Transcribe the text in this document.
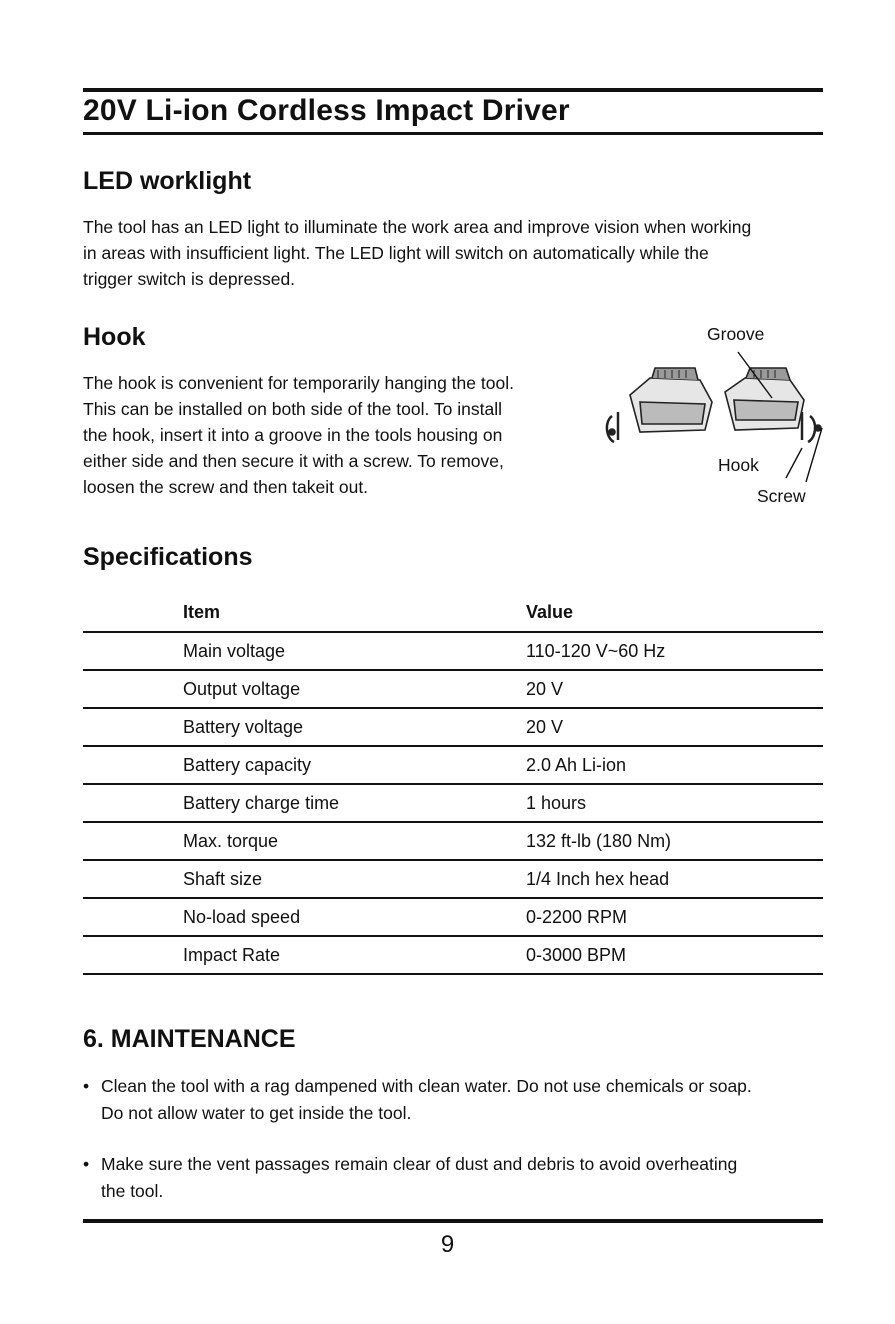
20V Li-ion Cordless Impact Driver
LED worklight
The tool has an LED light to illuminate the work area and improve vision when working
in areas with insufficient light. The LED light will switch on automatically while the
trigger switch is depressed.
Hook
The hook is convenient for temporarily hanging the tool.
This can be installed on both side of the tool. To install
the hook, insert it into a groove in the tools housing on
either side and then secure it with a screw. To remove,
loosen the screw and then takeit out.
Groove
Hook
Screw
Specifications
	Item	Value
	Main voltage	110-120 V~60 Hz
	Output voltage	20 V
	Battery voltage	20 V
	Battery capacity	2.0 Ah Li-ion
	Battery charge time	1 hours
	Max. torque	132 ft-lb (180 Nm)
	Shaft size	1/4 Inch hex head
	No-load speed	0-2200 RPM
	Impact Rate	0-3000 BPM
6. MAINTENANCE
• Clean the tool with a rag dampened with clean water. Do not use chemicals or soap.
Do not allow water to get inside the tool.
• Make sure the vent passages remain clear of dust and debris to avoid overheating
the tool.
9
